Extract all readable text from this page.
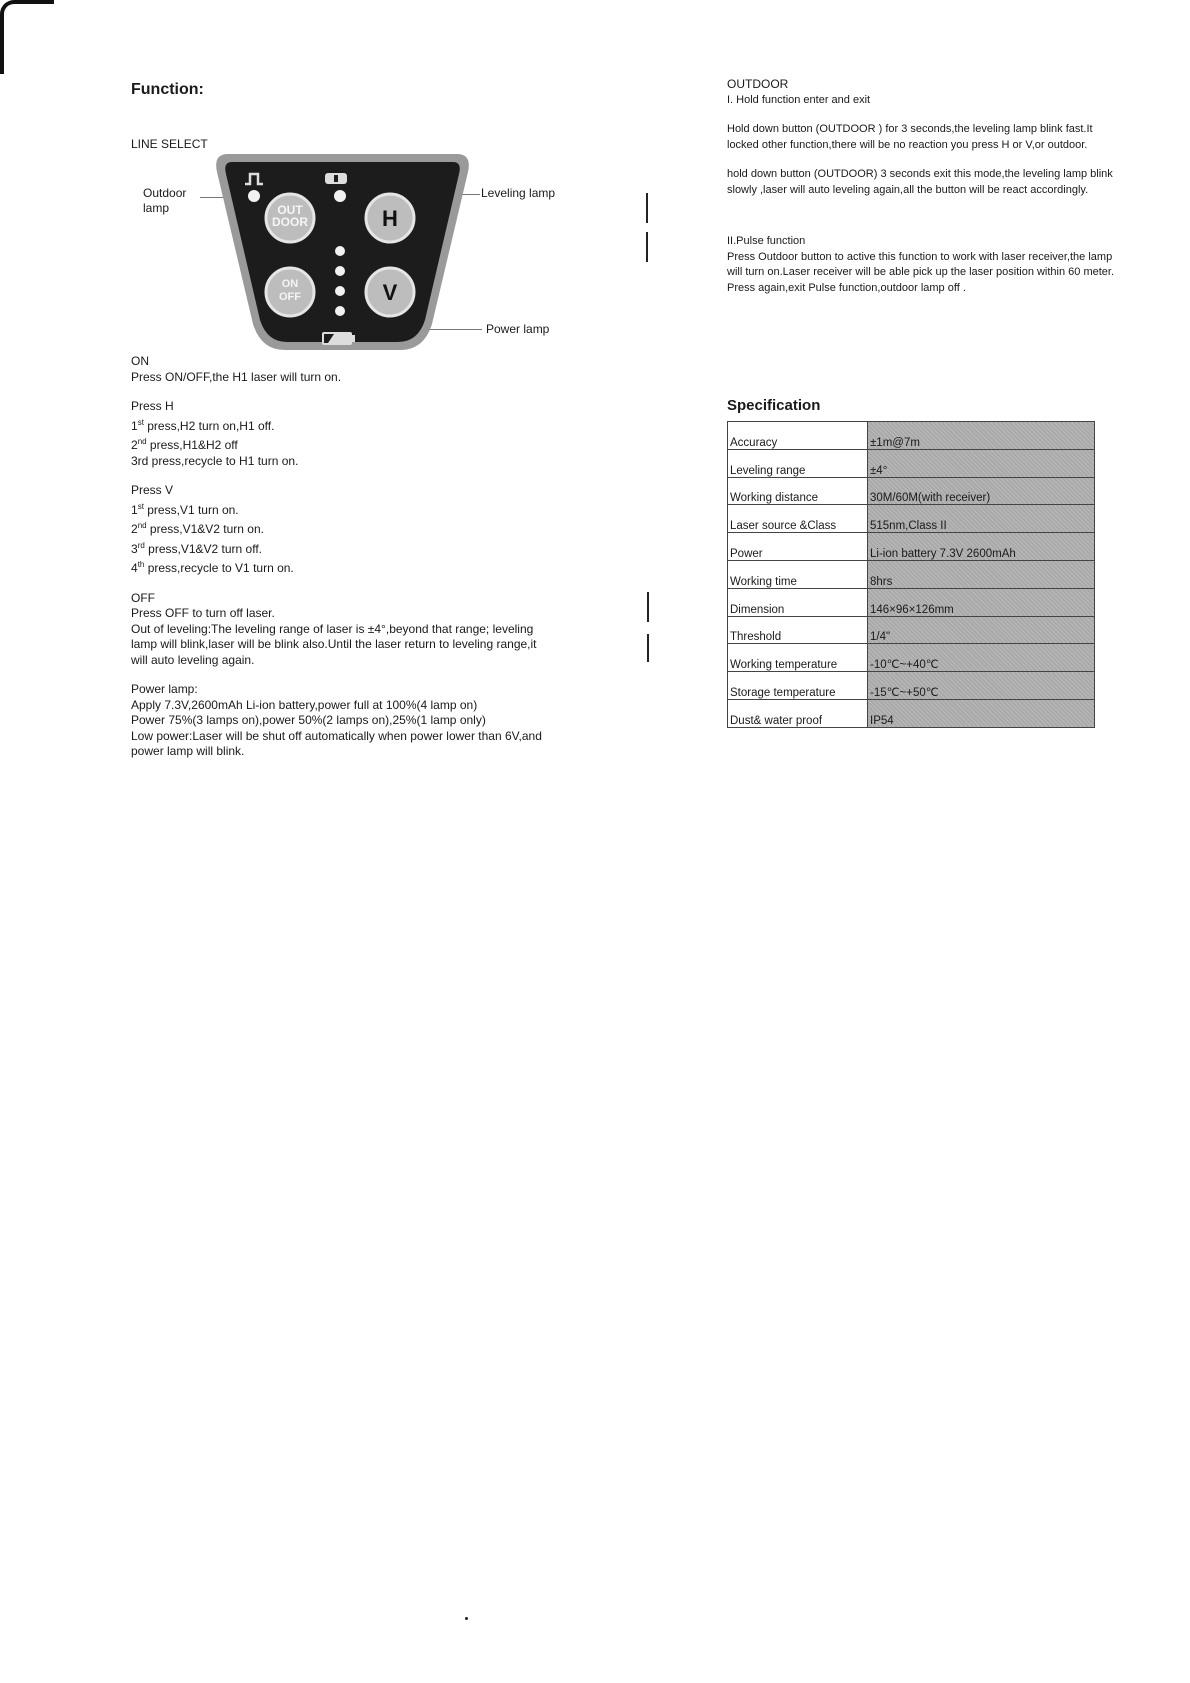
Function:
LINE SELECT
Outdoor
lamp
Leveling lamp
Power lamp
OUT
DOOR	H
ON
OFF	V
ON
Press ON/OFF,the H1 laser will turn on.
Press H
1st press,H2 turn on,H1 off.
2nd press,H1&H2 off
3rd press,recycle to H1 turn on.
Press V
1st press,V1 turn on.
2nd press,V1&V2 turn on.
3rd press,V1&V2 turn off.
4th press,recycle to V1 turn on.
OFF
Press OFF to turn off laser.
Out of leveling:The leveling range of laser is ±4°,beyond that range; leveling
lamp will blink,laser will be blink also.Until the laser return to leveling range,it
will auto leveling again.
Power lamp:
Apply 7.3V,2600mAh Li-ion battery,power full at 100%(4 lamp on)
Power 75%(3 lamps on),power 50%(2 lamps on),25%(1 lamp only)
Low power:Laser will be shut off automatically when power lower than 6V,and
power lamp will blink.
OUTDOOR
I. Hold function enter and exit
Hold down button (OUTDOOR ) for 3 seconds,the leveling lamp blink fast.It
locked other function,there will be no reaction you press H or V,or outdoor.
hold down button (OUTDOOR) 3 seconds exit this mode,the leveling lamp blink
slowly ,laser will auto leveling again,all the button will be react accordingly.
II.Pulse function
Press Outdoor button to active this function to work with laser receiver,the lamp
will turn on.Laser receiver will be able pick up the laser position within 60 meter.
Press again,exit Pulse function,outdoor lamp off .
Specification
Accuracy	±1m@7m
Leveling range	±4°
Working distance	30M/60M(with receiver)
Laser source &Class	515nm,Class II
Power	Li-ion battery 7.3V 2600mAh
Working time	8hrs
Dimension	146×96×126mm
Threshold	1/4"
Working temperature	-10℃~+40℃
Storage temperature	-15℃~+50℃
Dust& water proof	IP54
